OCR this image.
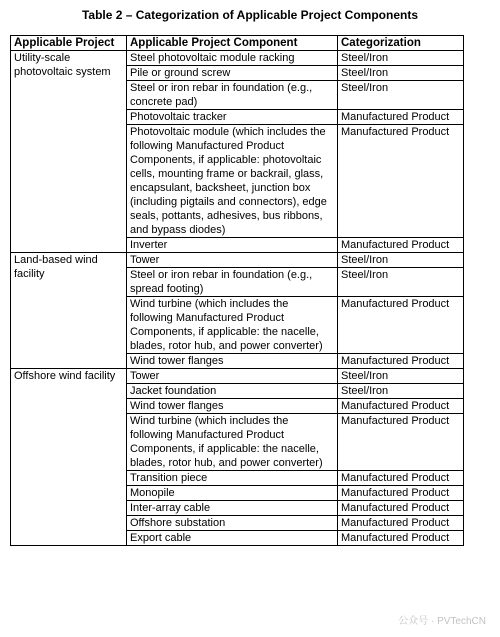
Table 2 – Categorization of Applicable Project Components
Applicable Project	Applicable Project Component	Categorization
Utility-scale photovoltaic system	Steel photovoltaic module racking	Steel/Iron
	Pile or ground screw	Steel/Iron
	Steel or iron rebar in foundation (e.g., concrete pad)	Steel/Iron
	Photovoltaic tracker	Manufactured Product
	Photovoltaic module (which includes the following Manufactured Product Components, if applicable: photovoltaic cells, mounting frame or backrail, glass, encapsulant, backsheet, junction box (including pigtails and connectors), edge seals, pottants, adhesives, bus ribbons, and bypass diodes)	Manufactured Product
	Inverter	Manufactured Product
Land-based wind facility	Tower	Steel/Iron
	Steel or iron rebar in foundation (e.g., spread footing)	Steel/Iron
	Wind turbine (which includes the following Manufactured Product Components, if applicable: the nacelle, blades, rotor hub, and power converter)	Manufactured Product
	Wind tower flanges	Manufactured Product
Offshore wind facility	Tower	Steel/Iron
	Jacket foundation	Steel/Iron
	Wind tower flanges	Manufactured Product
	Wind turbine (which includes the following Manufactured Product Components, if applicable: the nacelle, blades, rotor hub, and power converter)	Manufactured Product
	Transition piece	Manufactured Product
	Monopile	Manufactured Product
	Inter-array cable	Manufactured Product
	Offshore substation	Manufactured Product
	Export cable	Manufactured Product
公众号 · PVTechCN
